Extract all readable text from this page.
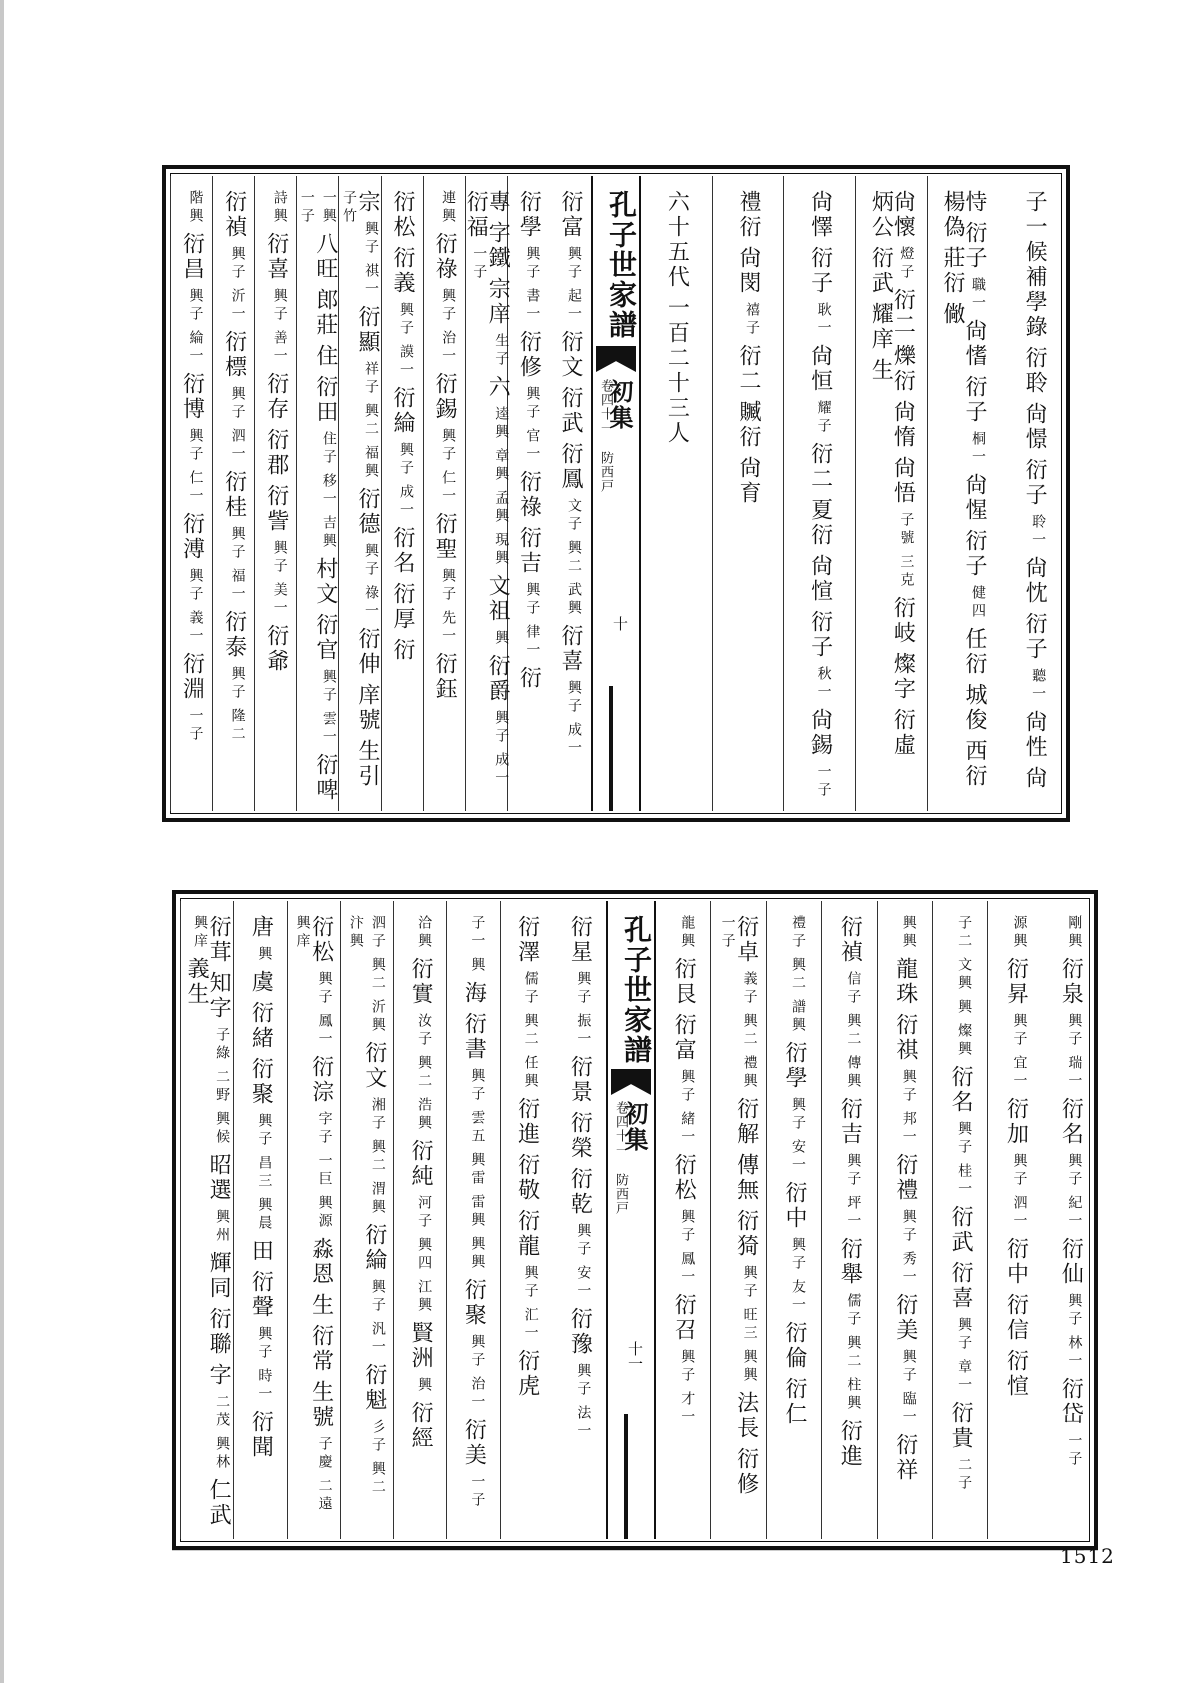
子一候補學錄
衍聆
尙憬
衍子
聆一
尙忱
衍子
聽一
尙性
尙
恃
衍子
職一
尙愭
衍子
桐一
尙惺
衍子
健四
任衍
城俊
西衍
楊偽
莊衍
僘
尙懷
燈子
衍二
爍衍
尙惰
尙悟
子號
三克
衍岐
燦字
衍虛
炳公
衍武
耀庠
生
尙懌
衍子
耿一
尙恒
耀子
衍二
夏衍
尙愃
衍子
秋一
尙錫
一子
禮衍
尙閔
禧子
衍二
贓衍
尙育
六十五代
一百二十三人
孔子世家譜
初集
卷四十一 防西戸
十
衍富
興子
起一
衍文
衍武
衍鳳
文子
興二
武興
衍喜
興子
成一
衍學
興子
書一
衍修
興子
官一
衍祿
衍吉
興子
律一
衍
專
字鐵
宗庠
生子
六
逵興
章興
孟興
現興
文祖
興
衍爵
興子
成一
衍福
一子
連興
衍祿
興子
治一
衍錫
興子
仁一
衍聖
興子
先一
衍鈺
衍松
衍義
興子
謨一
衍綸
興子
成一
衍名
衍厚
衍
宗
興子
祺一
衍顯
祥子
興二
福興
衍德
興子
祿一
衍伸
庠號
生引
子竹
一興
八旺
郎莊
住
衍田
住子
移一
吉興
村文
衍官
興子
雲一
衍啤
一子
詩興
衍喜
興子
善一
衍存
衍郡
衍訾
興子
美一
衍爺
衍禎
興子
沂一
衍標
興子
泗一
衍桂
興子
福一
衍泰
興子
隆二
階興
衍昌
興子
綸一
衍博
興子
仁一
衍溥
興子
義一
衍淵
一子
剛興
衍泉
興子
瑞一
衍名
興子
紀一
衍仙
興子
林一
衍岱
一子
源興
衍昇
興子
宜一
衍加
興子
泗一
衍中
衍信
衍愃
子二
文興
興
燦興
衍名
興子
桂一
衍武
衍喜
興子
章一
衍貴
二子
興興
龍珠
衍祺
興子
邦一
衍禮
興子
秀一
衍美
興子
臨一
衍祥
衍禎
信子
興二
傳興
衍吉
興子
坪一
衍舉
儒子
興二
柱興
衍進
禮子
興二
譜興
衍學
興子
安一
衍中
興子
友一
衍倫
衍仁
衍卓
義子
興二
禮興
衍解
傳無
衍猗
興子
旺三
興興
法長
衍修
一子
龍興
衍艮
衍富
興子
緒一
衍松
興子
鳳一
衍召
興子
才一
孔子世家譜
初集
卷四十一 防西戸
十一
衍星
興子
振一
衍景
衍榮
衍乾
興子
安一
衍豫
興子
法一
衍澤
儒子
興二
任興
衍進
衍敬
衍龍
興子
汇一
衍虎
子一
興
海
衍書
興子
雲五
興雷
雷興
興興
衍聚
興子
治一
衍美
一子
洽興
衍實
汝子
興二
浩興
衍純
河子
興四
江興
賢洲
興
衍經
泗子
興二
沂興
衍文
湘子
興二
渭興
衍綸
興子
汎一
衍魁
彡子
興二
汴興
衍松
興子
鳳一
衍淙
字子
一巨
興源
淼恩
生
衍常
生號
子慶
二遠
興庠
唐
興
虞
衍緒
衍聚
興子
昌三
興晨
田
衍聲
興子
時一
衍聞
衍茸
知字
子綠
二野
興候
昭選
興州
輝同
衍聯
字
二茂
興林
仁武
興庠
義生
1512
